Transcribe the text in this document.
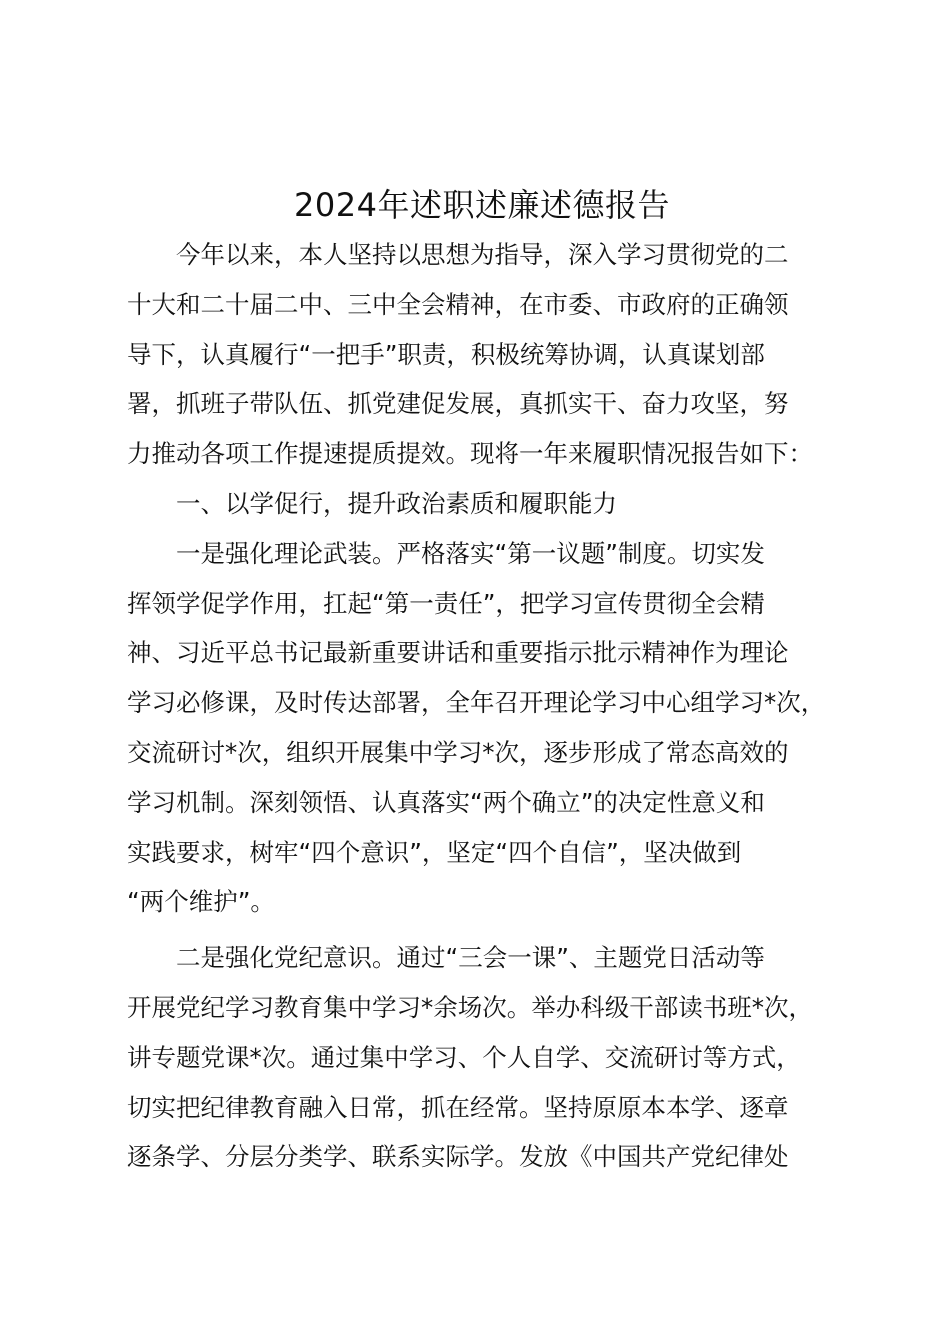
2024年述职述廉述德报告
今年以来，本人坚持以思想为指导，深入学习贯彻党的二
十大和二十届二中、三中全会精神，在市委、市政府的正确领
导下，认真履行“一把手”职责，积极统筹协调，认真谋划部
署，抓班子带队伍、抓党建促发展，真抓实干、奋力攻坚，努
力推动各项工作提速提质提效。现将一年来履职情况报告如下：
一、以学促行，提升政治素质和履职能力
一是强化理论武装。严格落实“第一议题”制度。切实发
挥领学促学作用，扛起“第一责任”，把学习宣传贯彻全会精
神、习近平总书记最新重要讲话和重要指示批示精神作为理论
学习必修课，及时传达部署，全年召开理论学习中心组学习*次，
交流研讨*次，组织开展集中学习*次，逐步形成了常态高效的
学习机制。深刻领悟、认真落实“两个确立”的决定性意义和
实践要求，树牢“四个意识”，坚定“四个自信”，坚决做到
“两个维护”。
二是强化党纪意识。通过“三会一课”、主题党日活动等
开展党纪学习教育集中学习*余场次。举办科级干部读书班*次，
讲专题党课*次。通过集中学习、个人自学、交流研讨等方式，
切实把纪律教育融入日常，抓在经常。坚持原原本本学、逐章
逐条学、分层分类学、联系实际学。发放《中国共产党纪律处
